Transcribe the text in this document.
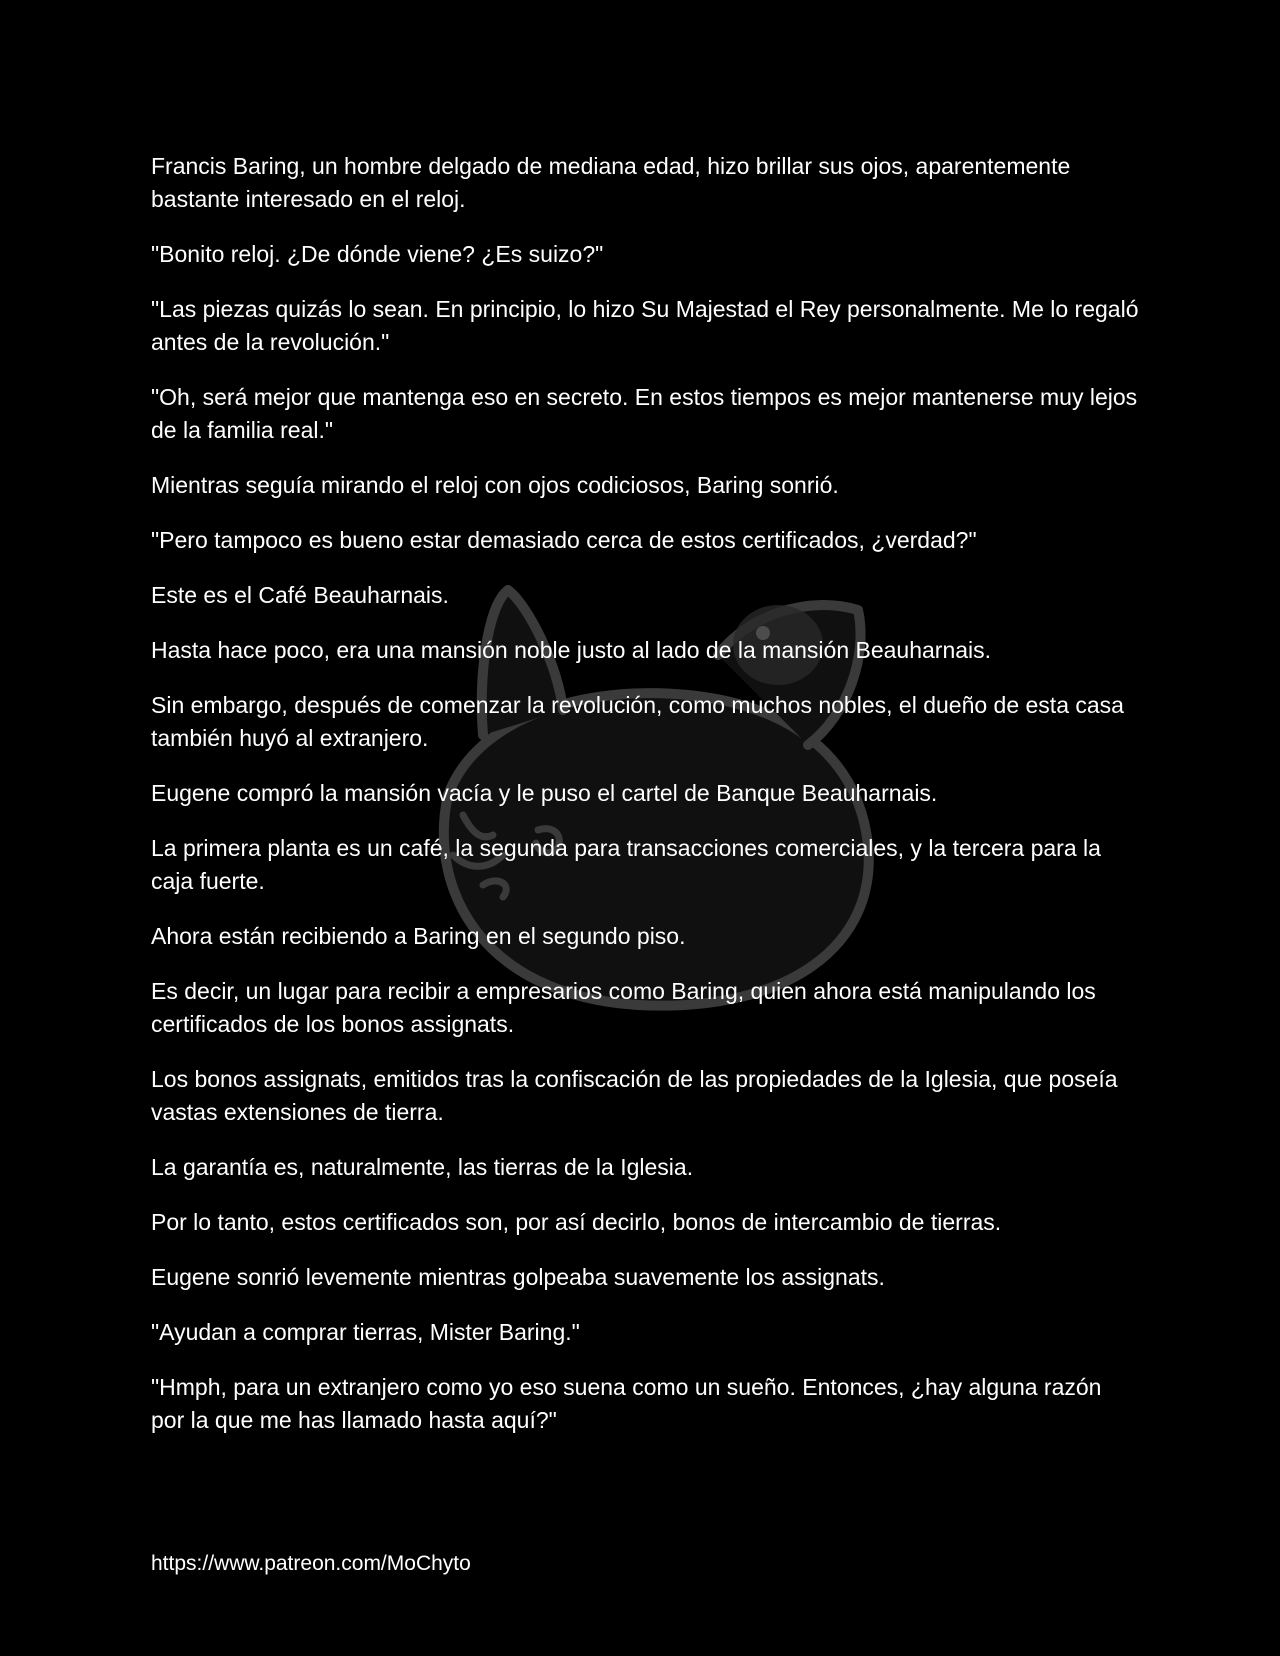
Francis Baring, un hombre delgado de mediana edad, hizo brillar sus ojos, aparentemente bastante interesado en el reloj.

"Bonito reloj. ¿De dónde viene? ¿Es suizo?"

"Las piezas quizás lo sean. En principio, lo hizo Su Majestad el Rey personalmente. Me lo regaló antes de la revolución."

"Oh, será mejor que mantenga eso en secreto. En estos tiempos es mejor mantenerse muy lejos de la familia real."

Mientras seguía mirando el reloj con ojos codiciosos, Baring sonrió.

"Pero tampoco es bueno estar demasiado cerca de estos certificados, ¿verdad?"

Este es el Café Beauharnais.

Hasta hace poco, era una mansión noble justo al lado de la mansión Beauharnais.

Sin embargo, después de comenzar la revolución, como muchos nobles, el dueño de esta casa también huyó al extranjero.

Eugene compró la mansión vacía y le puso el cartel de Banque Beauharnais.

La primera planta es un café, la segunda para transacciones comerciales, y la tercera para la caja fuerte.

Ahora están recibiendo a Baring en el segundo piso.

Es decir, un lugar para recibir a empresarios como Baring, quien ahora está manipulando los certificados de los bonos assignats.

Los bonos assignats, emitidos tras la confiscación de las propiedades de la Iglesia, que poseía vastas extensiones de tierra.

La garantía es, naturalmente, las tierras de la Iglesia.

Por lo tanto, estos certificados son, por así decirlo, bonos de intercambio de tierras.

Eugene sonrió levemente mientras golpeaba suavemente los assignats.

"Ayudan a comprar tierras, Mister Baring."

"Hmph, para un extranjero como yo eso suena como un sueño. Entonces, ¿hay alguna razón por la que me has llamado hasta aquí?"

https://www.patreon.com/MoChyto
